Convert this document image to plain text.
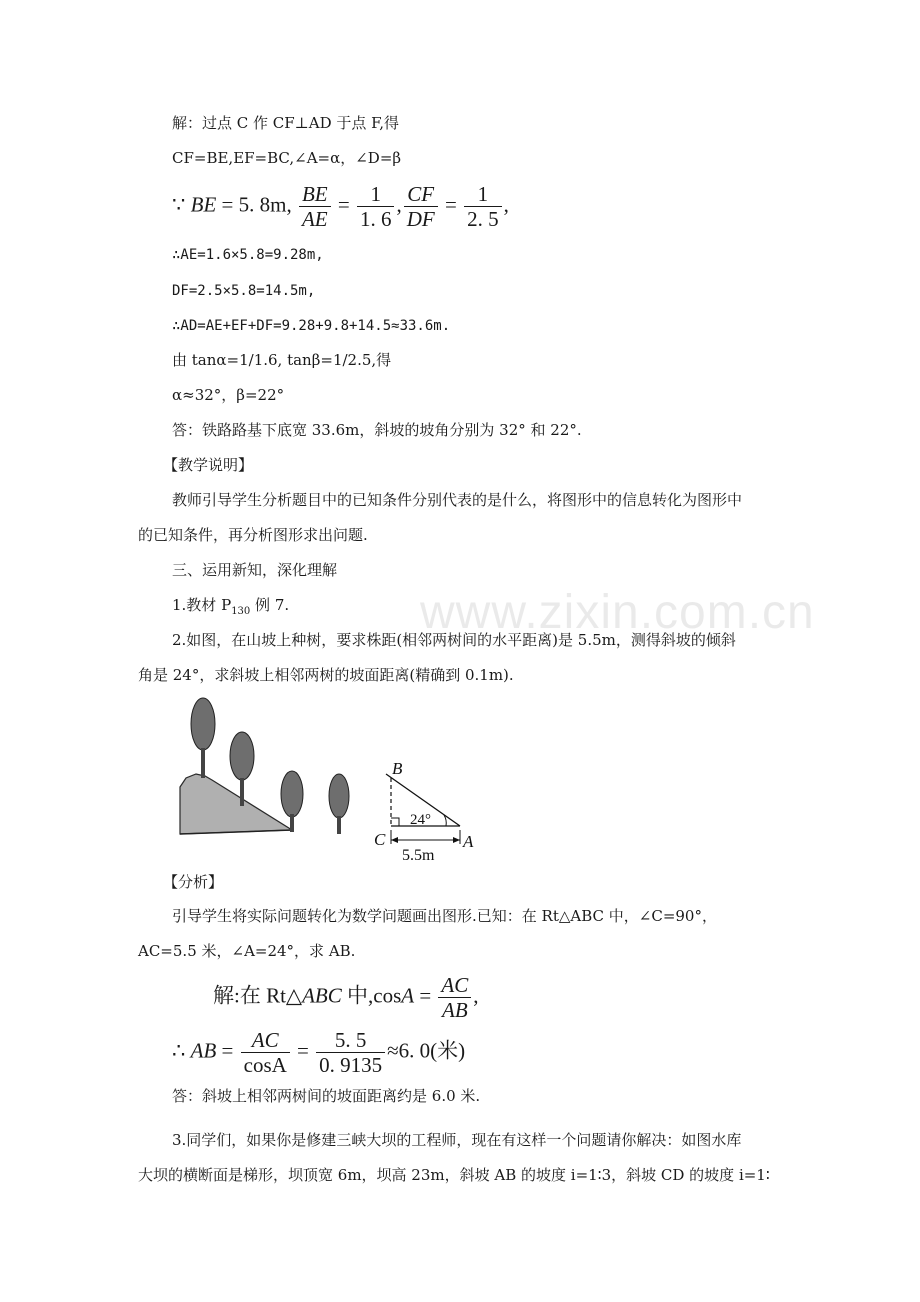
www.zixin.com.cn
解：过点 C 作 CF⊥AD 于点 F,得
CF=BE,EF=BC,∠A=α，∠D=β
∵ BE = 5. 8m, $\frac{BE}{AE} = \frac{1}{1. 6}$ , $\frac{CF}{DF} = \frac{1}{2. 5}$ ,
∴AE=1.6×5.8=9.28m,
DF=2.5×5.8=14.5m,
∴AD=AE+EF+DF=9.28+9.8+14.5≈33.6m.
由 tanα=1/1.6, tanβ=1/2.5,得
α≈32°，β=22°
答：铁路路基下底宽 33.6m，斜坡的坡角分别为 32° 和 22°.
【教学说明】
教师引导学生分析题目中的已知条件分别代表的是什么，将图形中的信息转化为图形中
的已知条件，再分析图形求出问题.
三、运用新知，深化理解
1.教材 $P_{130}$ 例 7.
2.如图，在山坡上种树，要求株距(相邻两树间的水平距离)是 5.5m，测得斜坡的倾斜
角是 24°，求斜坡上相邻两树的坡面距离(精确到 0.1m).
B
C	A
24°
5.5m
【分析】
引导学生将实际问题转化为数学问题画出图形.已知：在 Rt△ABC 中，∠C=90°，
AC=5.5 米，∠A=24°，求 AB.
解:在 Rt△ABC 中$,\cos A = \frac{AC}{AB}$ ,
∴ AB = $\frac{AC}{\cos A} = \frac{5. 5}{0. 9135} \approx 6$. 0(米)
答：斜坡上相邻两树间的坡面距离约是 6.0 米.
3.同学们，如果你是修建三峡大坝的工程师，现在有这样一个问题请你解决：如图水库
大坝的横断面是梯形，坝顶宽 6m，坝高 23m，斜坡 AB 的坡度 i=1∶3，斜坡 CD 的坡度 i=1∶
